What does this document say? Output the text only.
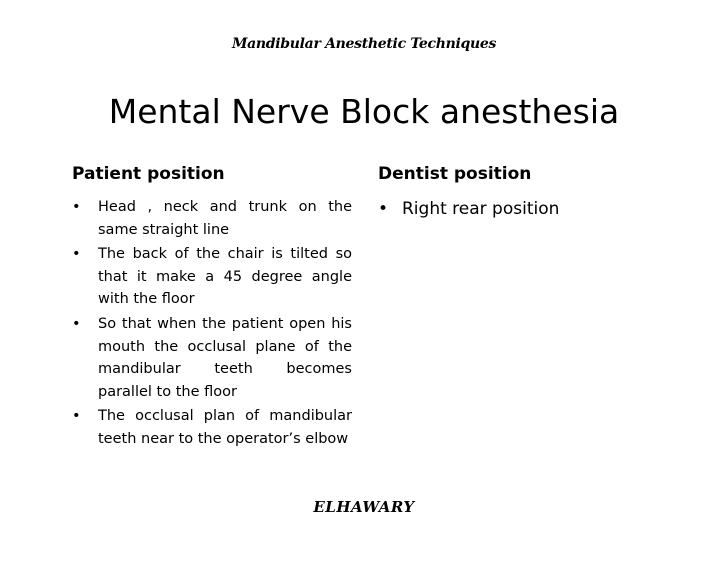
Mandibular Anesthetic Techniques
Mental Nerve Block anesthesia
Patient position
• Head , neck and trunk on the same straight line
• The back of the chair is tilted so that it make a 45 degree angle with the floor
• So that when the patient open his mouth the occlusal plane of the mandibular teeth becomes parallel to the floor
• The occlusal plan of mandibular teeth near to the operator’s elbow
Dentist position
• Right rear position
ELHAWARY
